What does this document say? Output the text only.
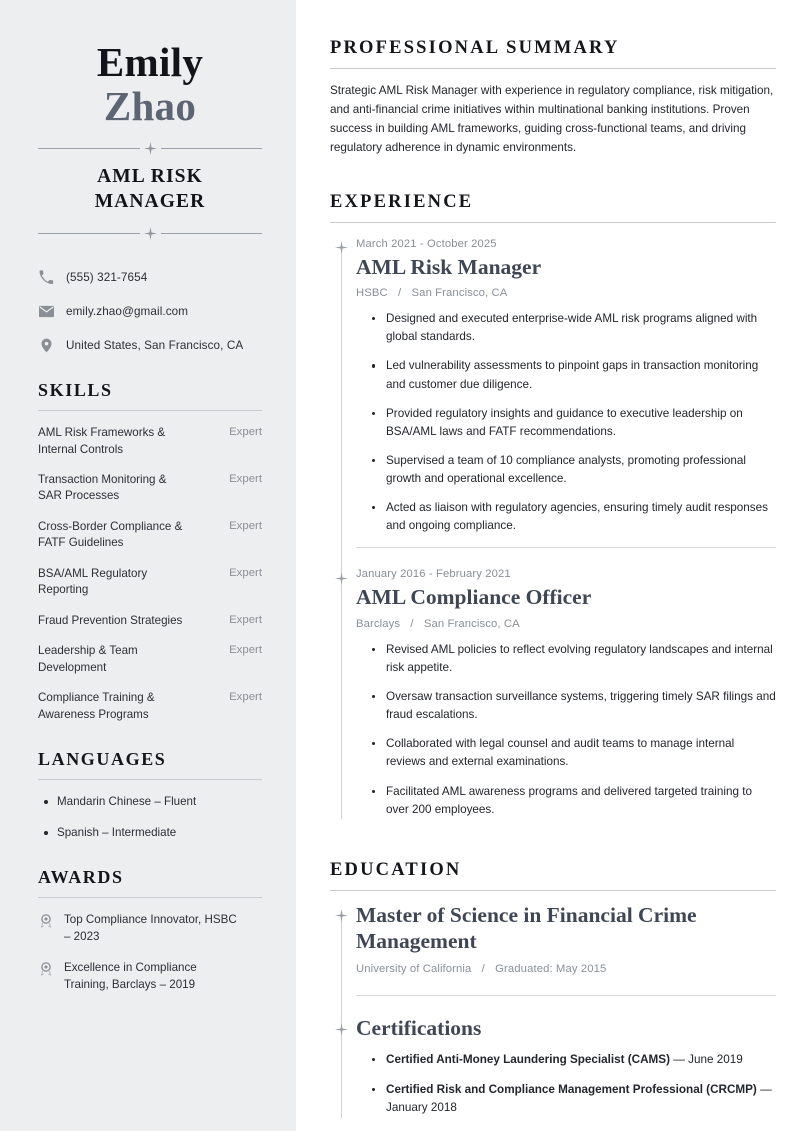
Emily
Zhao
AML RISK
MANAGER
(555) 321-7654
emily.zhao@gmail.com
United States, San Francisco, CA
SKILLS
AML Risk Frameworks & Internal Controls
Expert
Transaction Monitoring & SAR Processes
Expert
Cross-Border Compliance & FATF Guidelines
Expert
BSA/AML Regulatory Reporting
Expert
Fraud Prevention Strategies	Expert
Leadership & Team Development
Expert
Compliance Training & Awareness Programs
Expert
LANGUAGES
Mandarin Chinese – Fluent
Spanish – Intermediate
AWARDS
Top Compliance Innovator, HSBC – 2023
Excellence in Compliance Training, Barclays – 2019
PROFESSIONAL SUMMARY

Strategic AML Risk Manager with experience in regulatory compliance, risk mitigation, and anti-financial crime initiatives within multinational banking institutions. Proven success in building AML frameworks, guiding cross-functional teams, and driving regulatory adherence in dynamic environments.

EXPERIENCE
March 2021 - October 2025
AML Risk Manager
HSBC / San Francisco, CA
Designed and executed enterprise-wide AML risk programs aligned with global standards.
Led vulnerability assessments to pinpoint gaps in transaction monitoring and customer due diligence.
Provided regulatory insights and guidance to executive leadership on BSA/AML laws and FATF recommendations.
Supervised a team of 10 compliance analysts, promoting professional growth and operational excellence.
Acted as liaison with regulatory agencies, ensuring timely audit responses and ongoing compliance.
January 2016 - February 2021
AML Compliance Officer
Barclays / San Francisco, CA
Revised AML policies to reflect evolving regulatory landscapes and internal risk appetite.
Oversaw transaction surveillance systems, triggering timely SAR filings and fraud escalations.
Collaborated with legal counsel and audit teams to manage internal reviews and external examinations.
Facilitated AML awareness programs and delivered targeted training to over 200 employees.
EDUCATION
Master of Science in Financial Crime Management
University of California / Graduated: May 2015
Certifications
Certified Anti-Money Laundering Specialist (CAMS) — June 2019
Certified Risk and Compliance Management Professional (CRCMP) — January 2018
